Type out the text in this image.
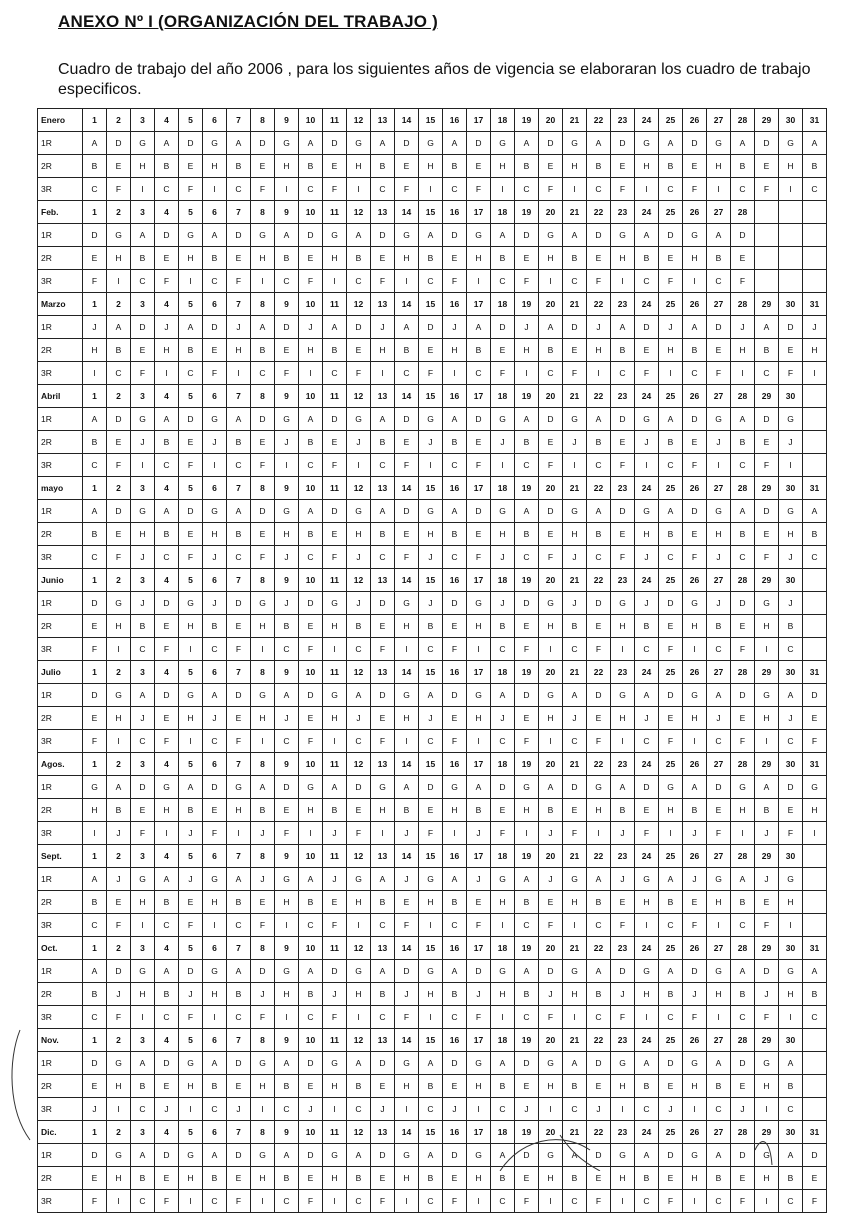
ANEXO Nº I (ORGANIZACIÓN DEL TRABAJO )
Cuadro de trabajo del año 2006 , para los siguientes años de vigencia se elaboraran los cuadro de trabajo especificos.
Enero	1	2	3	4	5	6	7	8	9	10	11	12	13	14	15	16	17	18	19	20	21	22	23	24	25	26	27	28	29	30	31
1R	A	D	G	A	D	G	A	D	G	A	D	G	A	D	G	A	D	G	A	D	G	A	D	G	A	D	G	A	D	G	A
2R	B	E	H	B	E	H	B	E	H	B	E	H	B	E	H	B	E	H	B	E	H	B	E	H	B	E	H	B	E	H	B
3R	C	F	I	C	F	I	C	F	I	C	F	I	C	F	I	C	F	I	C	F	I	C	F	I	C	F	I	C	F	I	C
Feb.	1	2	3	4	5	6	7	8	9	10	11	12	13	14	15	16	17	18	19	20	21	22	23	24	25	26	27	28			
1R	D	G	A	D	G	A	D	G	A	D	G	A	D	G	A	D	G	A	D	G	A	D	G	A	D	G	A	D			
2R	E	H	B	E	H	B	E	H	B	E	H	B	E	H	B	E	H	B	E	H	B	E	H	B	E	H	B	E			
3R	F	I	C	F	I	C	F	I	C	F	I	C	F	I	C	F	I	C	F	I	C	F	I	C	F	I	C	F			
Marzo	1	2	3	4	5	6	7	8	9	10	11	12	13	14	15	16	17	18	19	20	21	22	23	24	25	26	27	28	29	30	31
1R	J	A	D	J	A	D	J	A	D	J	A	D	J	A	D	J	A	D	J	A	D	J	A	D	J	A	D	J	A	D	J
2R	H	B	E	H	B	E	H	B	E	H	B	E	H	B	E	H	B	E	H	B	E	H	B	E	H	B	E	H	B	E	H
3R	I	C	F	I	C	F	I	C	F	I	C	F	I	C	F	I	C	F	I	C	F	I	C	F	I	C	F	I	C	F	I
Abril	1	2	3	4	5	6	7	8	9	10	11	12	13	14	15	16	17	18	19	20	21	22	23	24	25	26	27	28	29	30	
1R	A	D	G	A	D	G	A	D	G	A	D	G	A	D	G	A	D	G	A	D	G	A	D	G	A	D	G	A	D	G	
2R	B	E	J	B	E	J	B	E	J	B	E	J	B	E	J	B	E	J	B	E	J	B	E	J	B	E	J	B	E	J	
3R	C	F	I	C	F	I	C	F	I	C	F	I	C	F	I	C	F	I	C	F	I	C	F	I	C	F	I	C	F	I	
mayo	1	2	3	4	5	6	7	8	9	10	11	12	13	14	15	16	17	18	19	20	21	22	23	24	25	26	27	28	29	30	31
1R	A	D	G	A	D	G	A	D	G	A	D	G	A	D	G	A	D	G	A	D	G	A	D	G	A	D	G	A	D	G	A
2R	B	E	H	B	E	H	B	E	H	B	E	H	B	E	H	B	E	H	B	E	H	B	E	H	B	E	H	B	E	H	B
3R	C	F	J	C	F	J	C	F	J	C	F	J	C	F	J	C	F	J	C	F	J	C	F	J	C	F	J	C	F	J	C
Junio	1	2	3	4	5	6	7	8	9	10	11	12	13	14	15	16	17	18	19	20	21	22	23	24	25	26	27	28	29	30	
1R	D	G	J	D	G	J	D	G	J	D	G	J	D	G	J	D	G	J	D	G	J	D	G	J	D	G	J	D	G	J	
2R	E	H	B	E	H	B	E	H	B	E	H	B	E	H	B	E	H	B	E	H	B	E	H	B	E	H	B	E	H	B	
3R	F	I	C	F	I	C	F	I	C	F	I	C	F	I	C	F	I	C	F	I	C	F	I	C	F	I	C	F	I	C	
Julio	1	2	3	4	5	6	7	8	9	10	11	12	13	14	15	16	17	18	19	20	21	22	23	24	25	26	27	28	29	30	31
1R	D	G	A	D	G	A	D	G	A	D	G	A	D	G	A	D	G	A	D	G	A	D	G	A	D	G	A	D	G	A	D
2R	E	H	J	E	H	J	E	H	J	E	H	J	E	H	J	E	H	J	E	H	J	E	H	J	E	H	J	E	H	J	E
3R	F	I	C	F	I	C	F	I	C	F	I	C	F	I	C	F	I	C	F	I	C	F	I	C	F	I	C	F	I	C	F
Agos.	1	2	3	4	5	6	7	8	9	10	11	12	13	14	15	16	17	18	19	20	21	22	23	24	25	26	27	28	29	30	31
1R	G	A	D	G	A	D	G	A	D	G	A	D	G	A	D	G	A	D	G	A	D	G	A	D	G	A	D	G	A	D	G
2R	H	B	E	H	B	E	H	B	E	H	B	E	H	B	E	H	B	E	H	B	E	H	B	E	H	B	E	H	B	E	H
3R	I	J	F	I	J	F	I	J	F	I	J	F	I	J	F	I	J	F	I	J	F	I	J	F	I	J	F	I	J	F	I
Sept.	1	2	3	4	5	6	7	8	9	10	11	12	13	14	15	16	17	18	19	20	21	22	23	24	25	26	27	28	29	30	
1R	A	J	G	A	J	G	A	J	G	A	J	G	A	J	G	A	J	G	A	J	G	A	J	G	A	J	G	A	J	G	
2R	B	E	H	B	E	H	B	E	H	B	E	H	B	E	H	B	E	H	B	E	H	B	E	H	B	E	H	B	E	H	
3R	C	F	I	C	F	I	C	F	I	C	F	I	C	F	I	C	F	I	C	F	I	C	F	I	C	F	I	C	F	I	
Oct.	1	2	3	4	5	6	7	8	9	10	11	12	13	14	15	16	17	18	19	20	21	22	23	24	25	26	27	28	29	30	31
1R	A	D	G	A	D	G	A	D	G	A	D	G	A	D	G	A	D	G	A	D	G	A	D	G	A	D	G	A	D	G	A
2R	B	J	H	B	J	H	B	J	H	B	J	H	B	J	H	B	J	H	B	J	H	B	J	H	B	J	H	B	J	H	B
3R	C	F	I	C	F	I	C	F	I	C	F	I	C	F	I	C	F	I	C	F	I	C	F	I	C	F	I	C	F	I	C
Nov.	1	2	3	4	5	6	7	8	9	10	11	12	13	14	15	16	17	18	19	20	21	22	23	24	25	26	27	28	29	30	
1R	D	G	A	D	G	A	D	G	A	D	G	A	D	G	A	D	G	A	D	G	A	D	G	A	D	G	A	D	G	A	
2R	E	H	B	E	H	B	E	H	B	E	H	B	E	H	B	E	H	B	E	H	B	E	H	B	E	H	B	E	H	B	
3R	J	I	C	J	I	C	J	I	C	J	I	C	J	I	C	J	I	C	J	I	C	J	I	C	J	I	C	J	I	C	
Dic.	1	2	3	4	5	6	7	8	9	10	11	12	13	14	15	16	17	18	19	20	21	22	23	24	25	26	27	28	29	30	31
1R	D	G	A	D	G	A	D	G	A	D	G	A	D	G	A	D	G	A	D	G	A	D	G	A	D	G	A	D	G	A	D
2R	E	H	B	E	H	B	E	H	B	E	H	B	E	H	B	E	H	B	E	H	B	E	H	B	E	H	B	E	H	B	E
3R	F	I	C	F	I	C	F	I	C	F	I	C	F	I	C	F	I	C	F	I	C	F	I	C	F	I	C	F	I	C	F
